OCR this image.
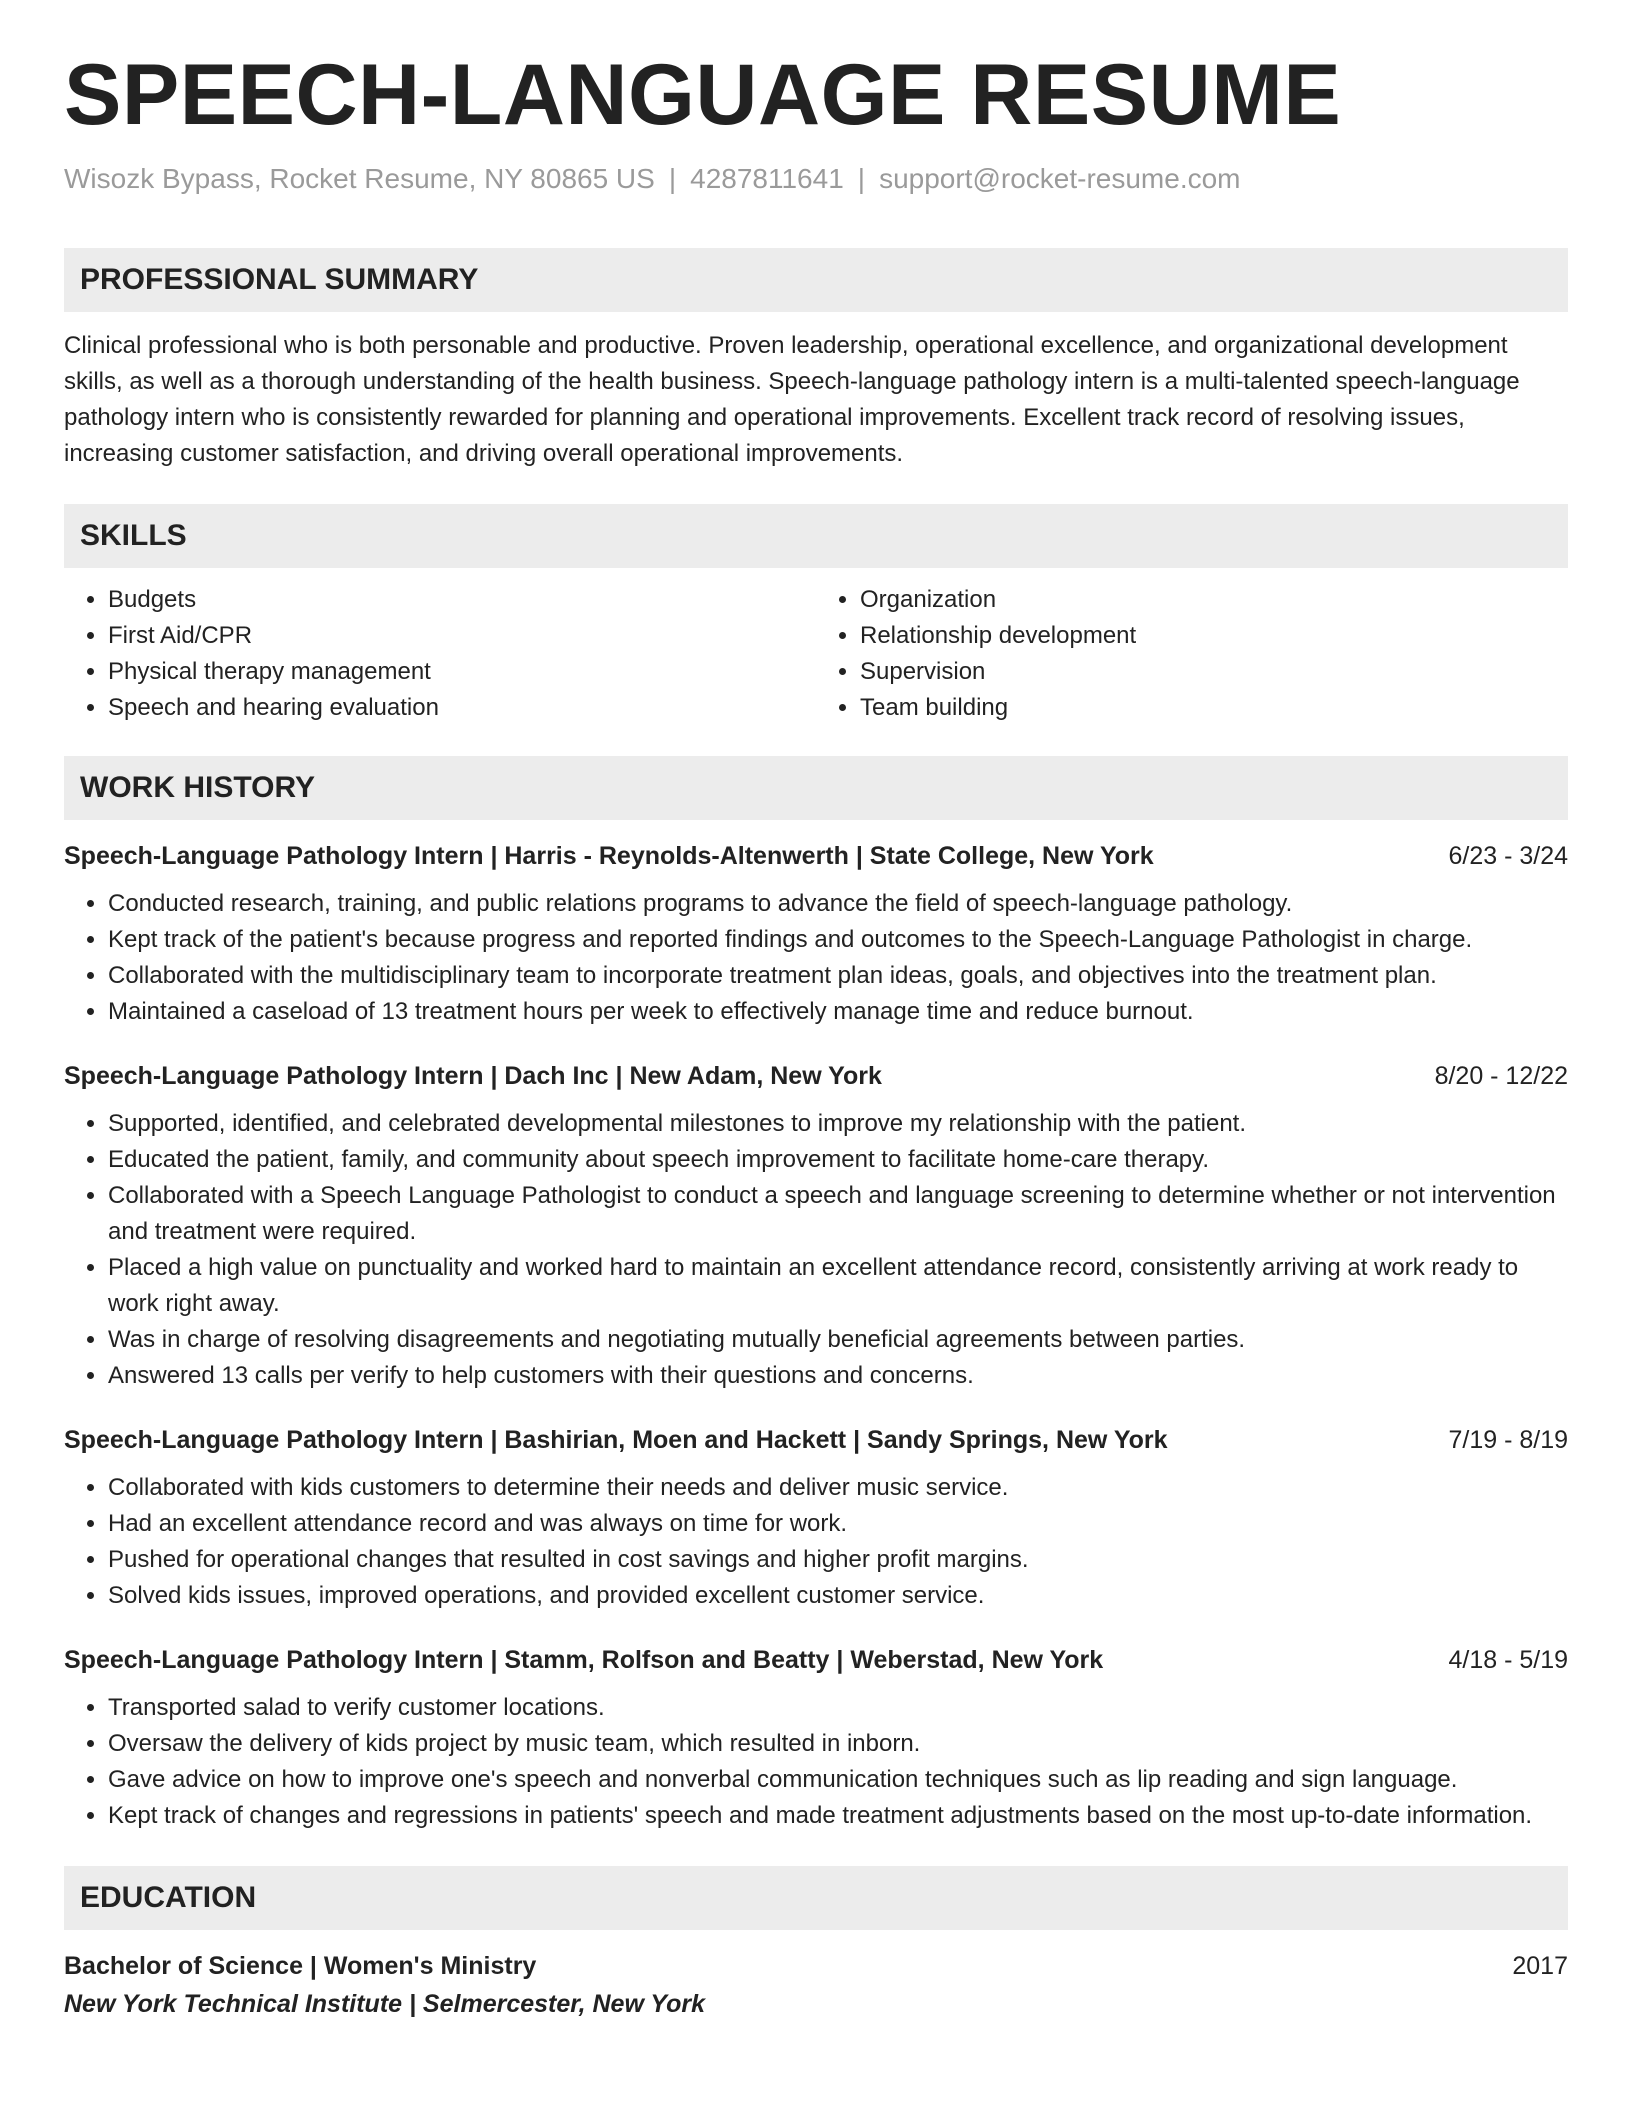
SPEECH-LANGUAGE RESUME
Wisozk Bypass, Rocket Resume, NY 80865 US | 4287811641 | support@rocket-resume.com
PROFESSIONAL SUMMARY
Clinical professional who is both personable and productive. Proven leadership, operational excellence, and organizational development skills, as well as a thorough understanding of the health business. Speech-language pathology intern is a multi-talented speech-language pathology intern who is consistently rewarded for planning and operational improvements. Excellent track record of resolving issues, increasing customer satisfaction, and driving overall operational improvements.
SKILLS
• Budgets
• First Aid/CPR
• Physical therapy management
• Speech and hearing evaluation
• Organization
• Relationship development
• Supervision
• Team building
WORK HISTORY
Speech-Language Pathology Intern | Harris - Reynolds-Altenwerth | State College, New York	6/23 - 3/24
• Conducted research, training, and public relations programs to advance the field of speech-language pathology.
• Kept track of the patient's because progress and reported findings and outcomes to the Speech-Language Pathologist in charge.
• Collaborated with the multidisciplinary team to incorporate treatment plan ideas, goals, and objectives into the treatment plan.
• Maintained a caseload of 13 treatment hours per week to effectively manage time and reduce burnout.
Speech-Language Pathology Intern | Dach Inc | New Adam, New York	8/20 - 12/22
• Supported, identified, and celebrated developmental milestones to improve my relationship with the patient.
• Educated the patient, family, and community about speech improvement to facilitate home-care therapy.
• Collaborated with a Speech Language Pathologist to conduct a speech and language screening to determine whether or not intervention and treatment were required.
• Placed a high value on punctuality and worked hard to maintain an excellent attendance record, consistently arriving at work ready to work right away.
• Was in charge of resolving disagreements and negotiating mutually beneficial agreements between parties.
• Answered 13 calls per verify to help customers with their questions and concerns.
Speech-Language Pathology Intern | Bashirian, Moen and Hackett | Sandy Springs, New York	7/19 - 8/19
• Collaborated with kids customers to determine their needs and deliver music service.
• Had an excellent attendance record and was always on time for work.
• Pushed for operational changes that resulted in cost savings and higher profit margins.
• Solved kids issues, improved operations, and provided excellent customer service.
Speech-Language Pathology Intern | Stamm, Rolfson and Beatty | Weberstad, New York	4/18 - 5/19
• Transported salad to verify customer locations.
• Oversaw the delivery of kids project by music team, which resulted in inborn.
• Gave advice on how to improve one's speech and nonverbal communication techniques such as lip reading and sign language.
• Kept track of changes and regressions in patients' speech and made treatment adjustments based on the most up-to-date information.
EDUCATION
Bachelor of Science | Women's Ministry	2017
New York Technical Institute | Selmercester, New York
